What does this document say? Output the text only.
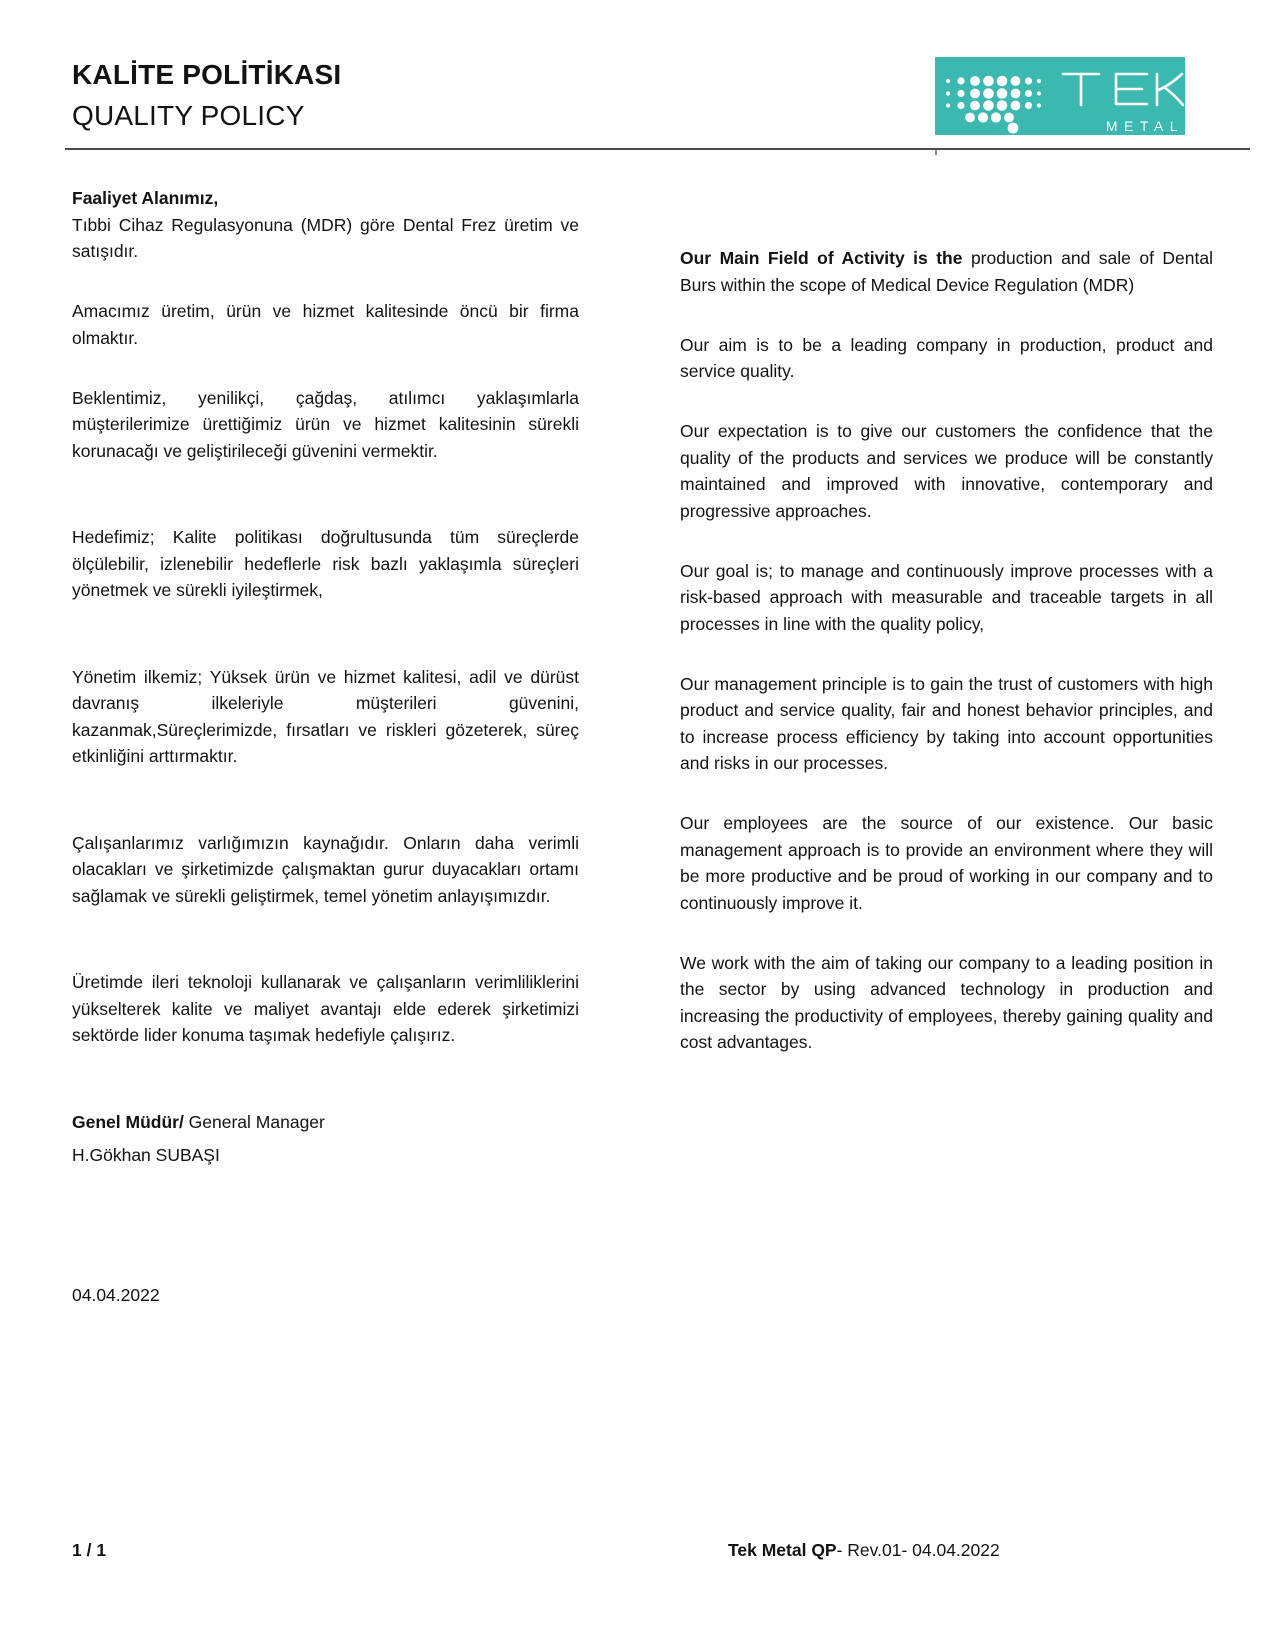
KALİTE POLİTİKASI
QUALITY POLICY	METAL

Faaliyet Alanımız,
Tıbbi Cihaz Regulasyonuna (MDR) göre Dental Frez üretim ve satışıdır.

Amacımız üretim, ürün ve hizmet kalitesinde öncü bir firma olmaktır.

Beklentimiz, yenilikçi, çağdaş, atılımcı yaklaşımlarla müşterilerimize ürettiğimiz ürün ve hizmet kalitesinin sürekli korunacağı ve geliştirileceği güvenini vermektir.

Hedefimiz; Kalite politikası doğrultusunda tüm süreçlerde ölçülebilir, izlenebilir hedeflerle risk bazlı yaklaşımla süreçleri yönetmek ve sürekli iyileştirmek,

Yönetim ilkemiz; Yüksek ürün ve hizmet kalitesi, adil ve dürüst davranış ilkeleriyle müşterileri güvenini, kazanmak,Süreçlerimizde, fırsatları ve riskleri gözeterek, süreç etkinliğini arttırmaktır.

Çalışanlarımız varlığımızın kaynağıdır. Onların daha verimli olacakları ve şirketimizde çalışmaktan gurur duyacakları ortamı sağlamak ve sürekli geliştirmek, temel yönetim anlayışımızdır.

Üretimde ileri teknoloji kullanarak ve çalışanların verimliliklerini yükselterek kalite ve maliyet avantajı elde ederek şirketimizi sektörde lider konuma taşımak hedefiyle çalışırız.

Genel Müdür/ General Manager

H.Gökhan SUBAŞI

04.04.2022

Our Main Field of Activity is the production and sale of Dental Burs within the scope of Medical Device Regulation (MDR)

Our aim is to be a leading company in production, product and service quality.

Our expectation is to give our customers the confidence that the quality of the products and services we produce will be constantly maintained and improved with innovative, contemporary and progressive approaches.

Our goal is; to manage and continuously improve processes with a risk-based approach with measurable and traceable targets in all processes in line with the quality policy,

Our management principle is to gain the trust of customers with high product and service quality, fair and honest behavior principles, and to increase process efficiency by taking into account opportunities and risks in our processes.

Our employees are the source of our existence. Our basic management approach is to provide an environment where they will be more productive and be proud of working in our company and to continuously improve it.

We work with the aim of taking our company to a leading position in the sector by using advanced technology in production and increasing the productivity of employees, thereby gaining quality and cost advantages.

1 / 1	Tek Metal QP- Rev.01- 04.04.2022
